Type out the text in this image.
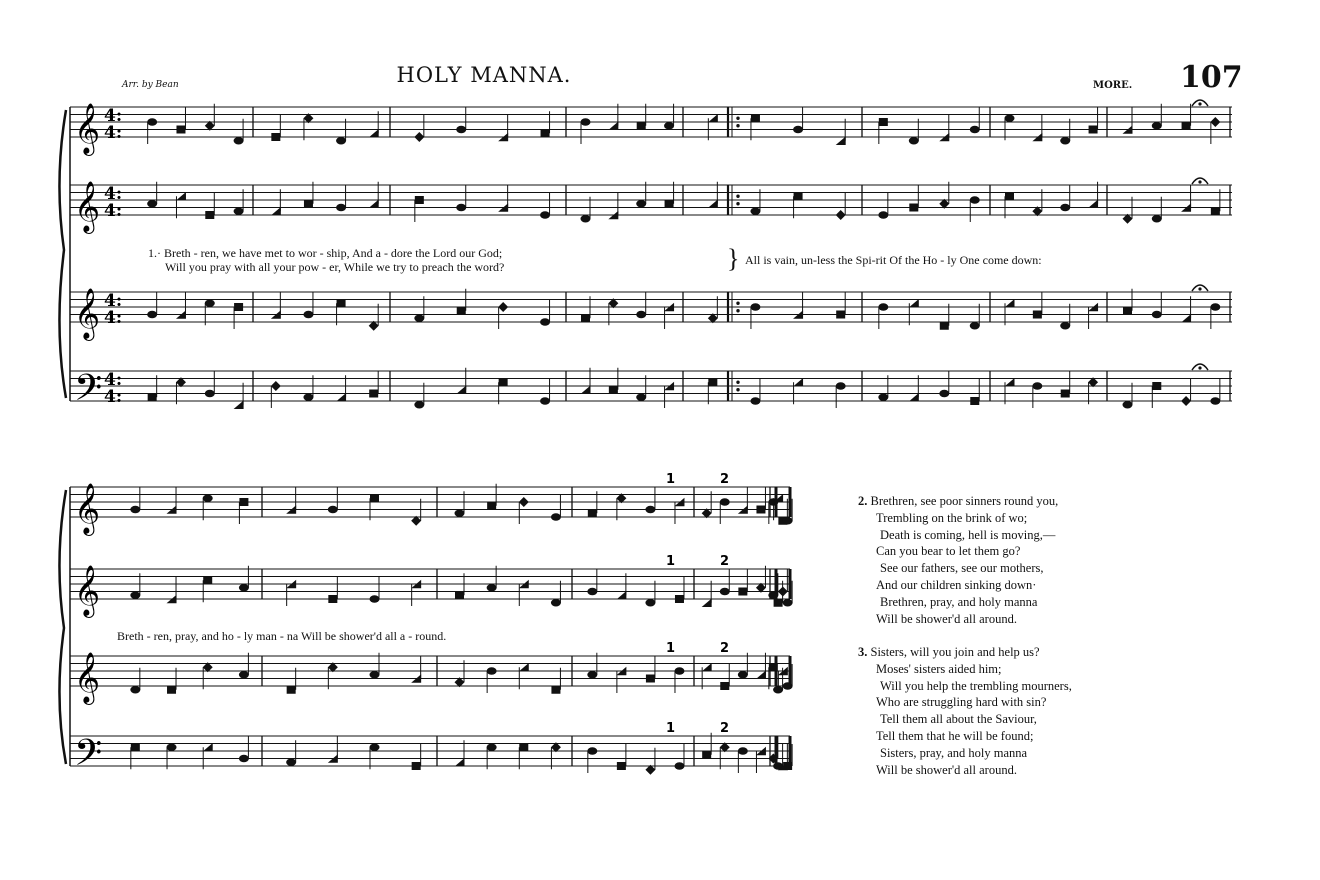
HOLY MANNA.
Arr. by Bean	MORE. 107
𝄞 4:
4:
𝄞 4:
4:
𝄞 4:
4:
𝄢 4:
4:
𝄞
𝄞
𝄞
𝄢
1	2
1	2
1	2
1	2
1.· Breth - ren, we have met to wor - ship, And a - dore the Lord our God;
Will you pray with all your pow - er, While we try to preach the word?	} All is vain, un-less the Spi-rit Of the Ho - ly One come down:
Breth - ren, pray, and ho - ly man - na Will be shower'd all a - round.
2. Brethren, see poor sinners round you,
Trembling on the brink of wo;
Death is coming, hell is moving,—
Can you bear to let them go?
See our fathers, see our mothers,
And our children sinking down·
Brethren, pray, and holy manna
Will be shower'd all around.
3. Sisters, will you join and help us?
Moses' sisters aided him;
Will you help the trembling mourners,
Who are struggling hard with sin?
Tell them all about the Saviour,
Tell them that he will be found;
Sisters, pray, and holy manna
Will be shower'd all around.
